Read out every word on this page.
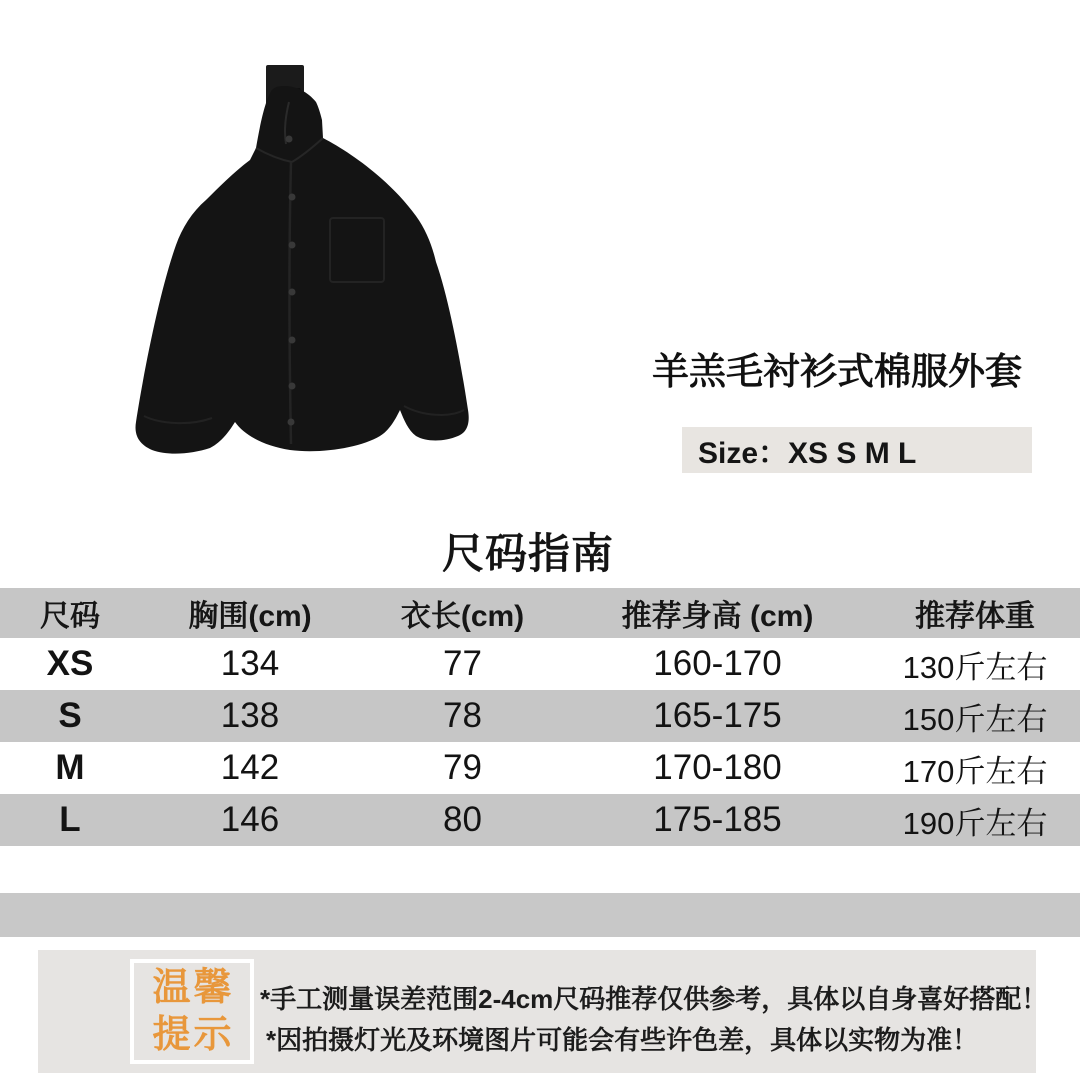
羊羔毛衬衫式棉服外套
Size：XS S M L
尺码指南
尺码	胸围(cm)	衣长(cm)	推荐身高 (cm)	推荐体重
XS	134	77	160-170	130斤左右
S	138	78	165-175	150斤左右
M	142	79	170-180	170斤左右
L	146	80	175-185	190斤左右
温馨
提示
*手工测量误差范围2-4cm尺码推荐仅供参考，具体以自身喜好搭配！
*因拍摄灯光及环境图片可能会有些许色差，具体以实物为准！
